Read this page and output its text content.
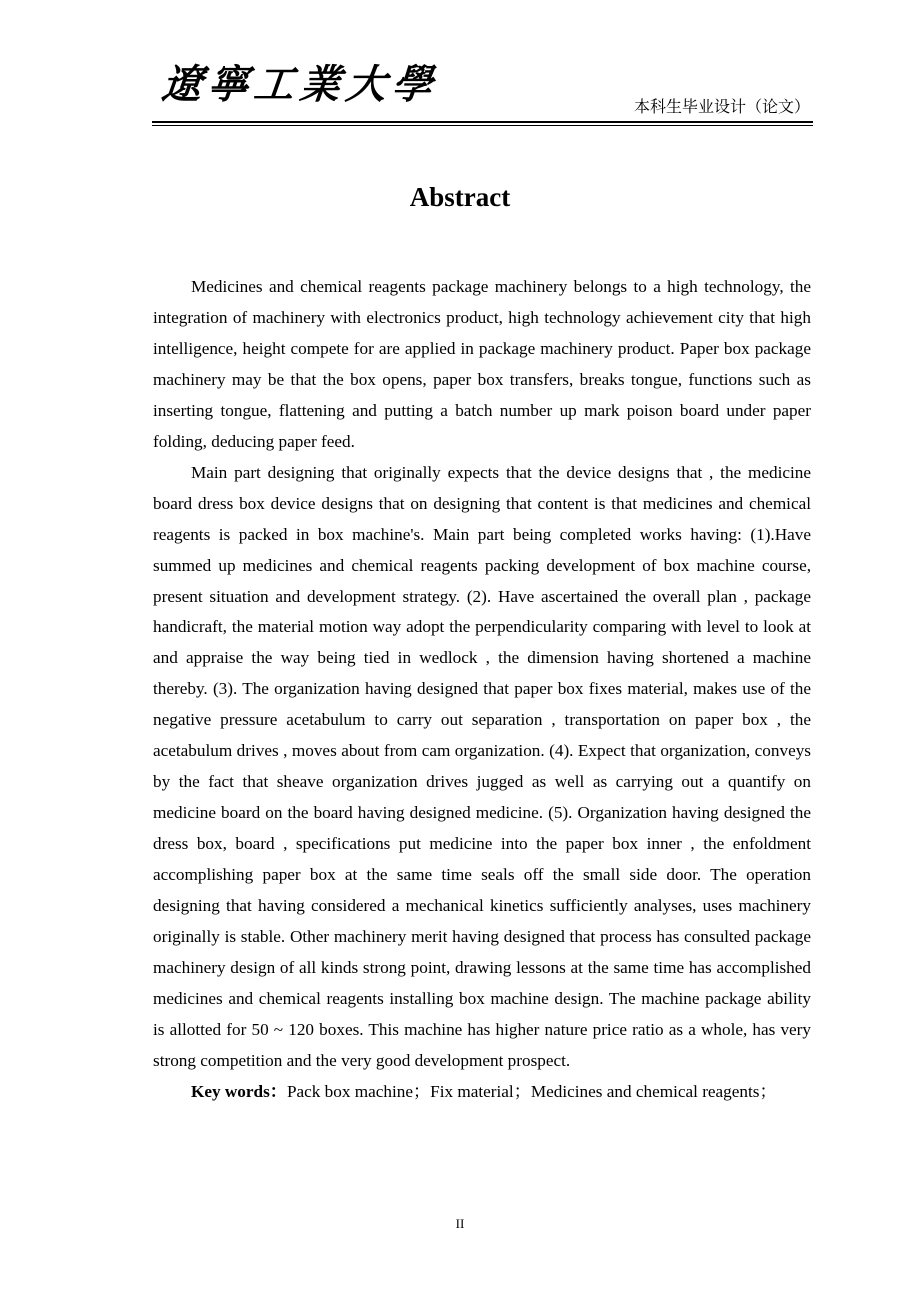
遼寧工業大學	本科生毕业设计（论文）
Abstract

Medicines and chemical reagents package machinery belongs to a high technology, the integration of machinery with electronics product, high technology achievement city that high intelligence, height compete for are applied in package machinery product. Paper box package machinery may be that the box opens, paper box transfers, breaks tongue, functions such as inserting tongue, flattening and putting a batch number up mark poison board under paper folding, deducing paper feed.

Main part designing that originally expects that the device designs that , the medicine board dress box device designs that on designing that content is that medicines and chemical reagents is packed in box machine's. Main part being completed works having: (1).Have summed up medicines and chemical reagents packing development of box machine course, present situation and development strategy. (2). Have ascertained the overall plan , package handicraft, the material motion way adopt the perpendicularity comparing with level to look at and appraise the way being tied in wedlock , the dimension having shortened a machine thereby. (3). The organization having designed that paper box fixes material, makes use of the negative pressure acetabulum to carry out separation , transportation on paper box , the acetabulum drives , moves about from cam organization. (4). Expect that organization, conveys by the fact that sheave organization drives jugged as well as carrying out a quantify on medicine board on the board having designed medicine. (5). Organization having designed the dress box, board , specifications put medicine into the paper box inner , the enfoldment accomplishing paper box at the same time seals off the small side door. The operation designing that having considered a mechanical kinetics sufficiently analyses, uses machinery originally is stable. Other machinery merit having designed that process has consulted package machinery design of all kinds strong point, drawing lessons at the same time has accomplished medicines and chemical reagents installing box machine design. The machine package ability is allotted for 50 ~ 120 boxes. This machine has higher nature price ratio as a whole, has very strong competition and the very good development prospect.

Key words：Pack box machine；Fix material；Medicines and chemical reagents；

II
